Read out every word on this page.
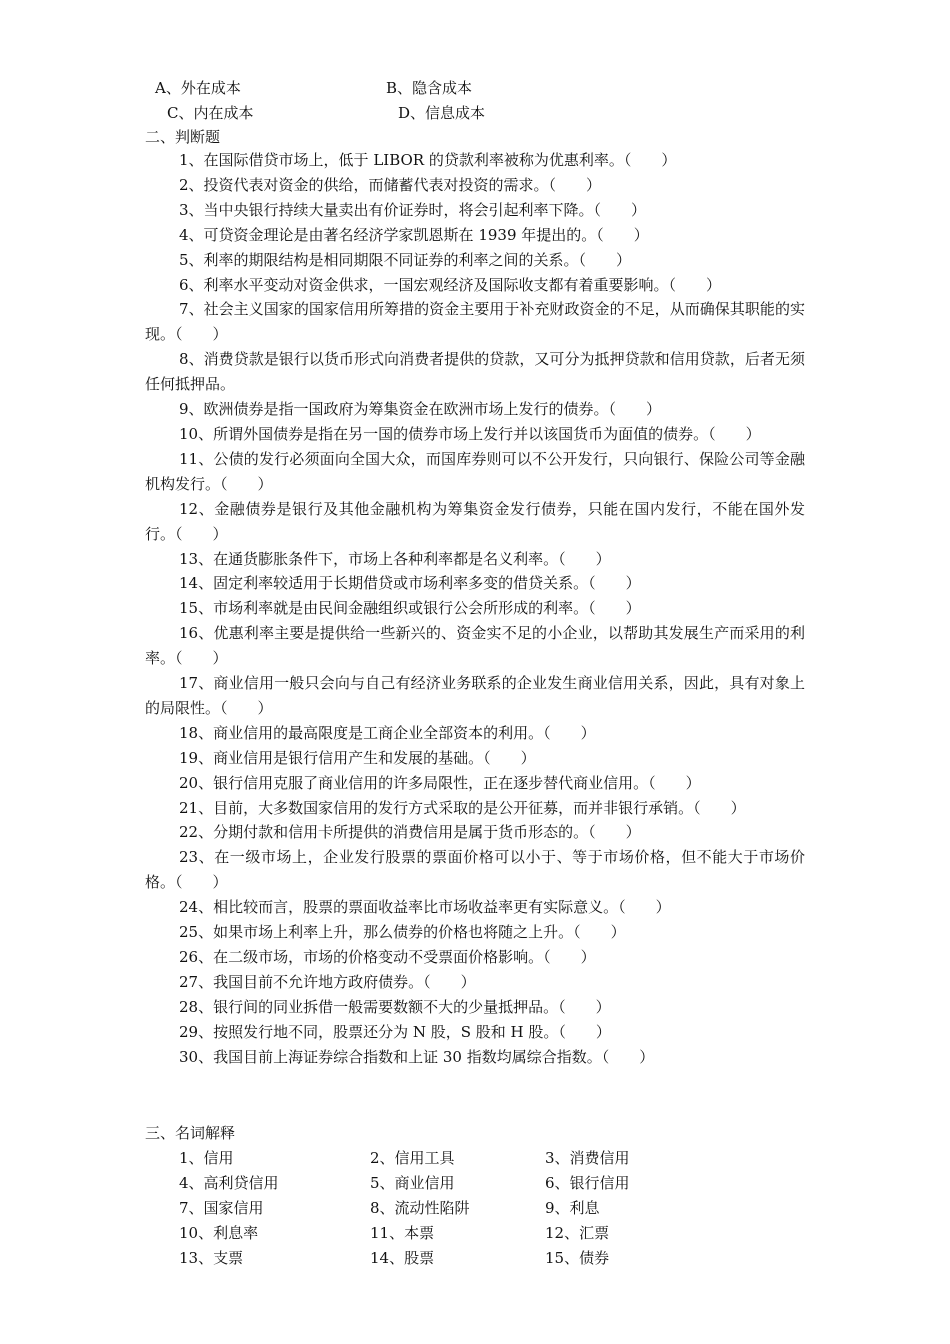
A、外在成本	B、隐含成本
C、内在成本	D、信息成本
二、判断题

1、在国际借贷市场上，低于 LIBOR 的贷款利率被称为优惠利率。（　　）

2、投资代表对资金的供给，而储蓄代表对投资的需求。（　　）

3、当中央银行持续大量卖出有价证券时，将会引起利率下降。（　　）

4、可贷资金理论是由著名经济学家凯恩斯在 1939 年提出的。（　　）

5、利率的期限结构是相同期限不同证券的利率之间的关系。（　　）

6、利率水平变动对资金供求，一国宏观经济及国际收支都有着重要影响。（　　）

7、社会主义国家的国家信用所筹措的资金主要用于补充财政资金的不足，从而确保其职能的实现。（　　）

8、消费贷款是银行以货币形式向消费者提供的贷款，又可分为抵押贷款和信用贷款，后者无须任何抵押品。

9、欧洲债券是指一国政府为筹集资金在欧洲市场上发行的债券。（　　）

10、所谓外国债券是指在另一国的债券市场上发行并以该国货币为面值的债券。（　　）

11、公债的发行必须面向全国大众，而国库券则可以不公开发行，只向银行、保险公司等金融机构发行。（　　）

12、金融债券是银行及其他金融机构为筹集资金发行债券，只能在国内发行，不能在国外发行。（　　）

13、在通货膨胀条件下，市场上各种利率都是名义利率。（　　）

14、固定利率较适用于长期借贷或市场利率多变的借贷关系。（　　）

15、市场利率就是由民间金融组织或银行公会所形成的利率。（　　）

16、优惠利率主要是提供给一些新兴的、资金实不足的小企业，以帮助其发展生产而采用的利率。（　　）

17、商业信用一般只会向与自己有经济业务联系的企业发生商业信用关系，因此，具有对象上的局限性。（　　）

18、商业信用的最高限度是工商企业全部资本的利用。（　　）

19、商业信用是银行信用产生和发展的基础。（　　）

20、银行信用克服了商业信用的许多局限性，正在逐步替代商业信用。（　　）

21、目前，大多数国家信用的发行方式采取的是公开征募，而并非银行承销。（　　）

22、分期付款和信用卡所提供的消费信用是属于货币形态的。（　　）

23、在一级市场上，企业发行股票的票面价格可以小于、等于市场价格，但不能大于市场价格。（　　）

24、相比较而言，股票的票面收益率比市场收益率更有实际意义。（　　）

25、如果市场上利率上升，那么债券的价格也将随之上升。（　　）

26、在二级市场，市场的价格变动不受票面价格影响。（　　）

27、我国目前不允许地方政府债券。（　　）

28、银行间的同业拆借一般需要数额不大的少量抵押品。（　　）

29、按照发行地不同，股票还分为 N 股，S 股和 H 股。（　　）

30、我国目前上海证券综合指数和上证 30 指数均属综合指数。（　　）

三、名词解释
1、信用	2、信用工具	3、消费信用
4、高利贷信用	5、商业信用	6、银行信用
7、国家信用	8、流动性陷阱	9、利息
10、利息率	11、本票	12、汇票
13、支票	14、股票	15、债券
